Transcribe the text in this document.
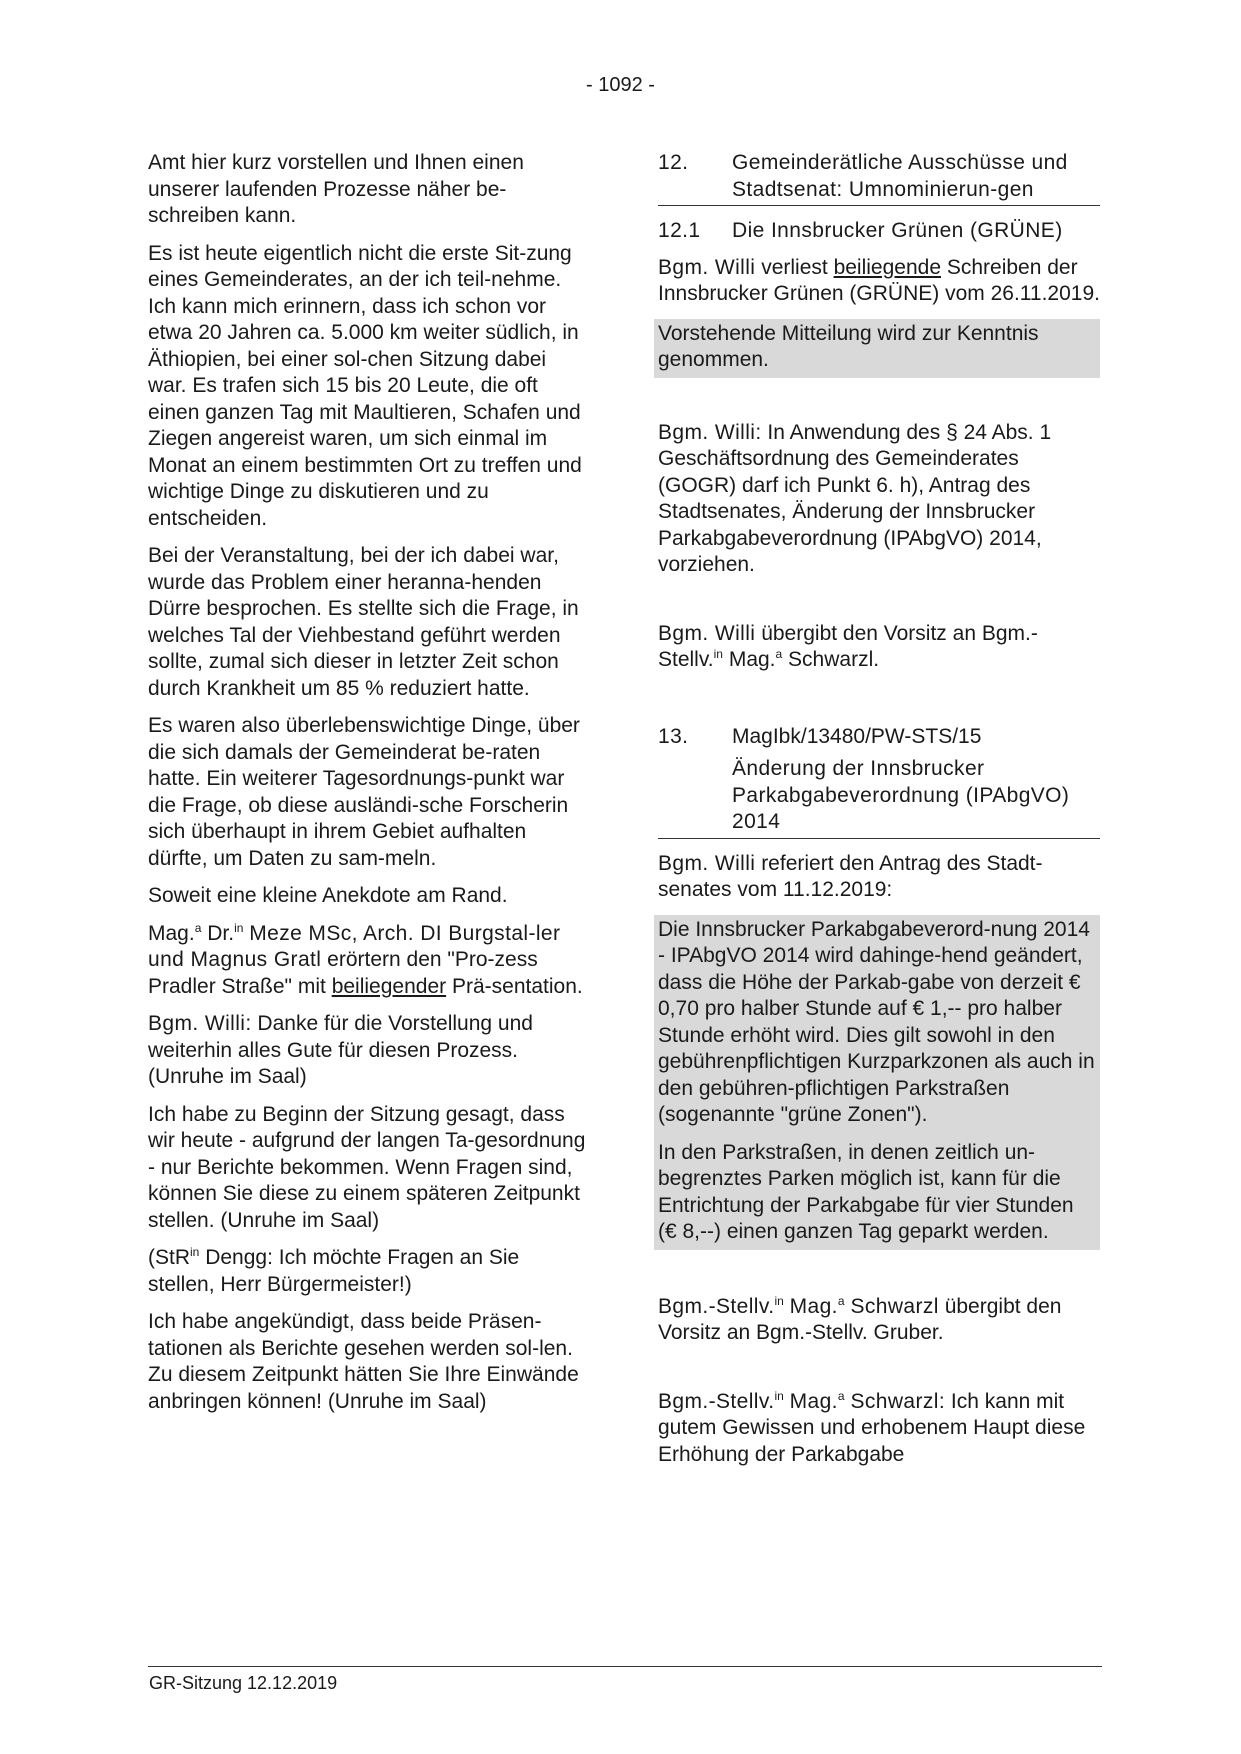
- 1092 -

Amt hier kurz vorstellen und Ihnen einen unserer laufenden Prozesse näher be-schreiben kann.

Es ist heute eigentlich nicht die erste Sit-zung eines Gemeinderates, an der ich teil-nehme. Ich kann mich erinnern, dass ich schon vor etwa 20 Jahren ca. 5.000 km weiter südlich, in Äthiopien, bei einer sol-chen Sitzung dabei war. Es trafen sich 15 bis 20 Leute, die oft einen ganzen Tag mit Maultieren, Schafen und Ziegen angereist waren, um sich einmal im Monat an einem bestimmten Ort zu treffen und wichtige Dinge zu diskutieren und zu entscheiden.

Bei der Veranstaltung, bei der ich dabei war, wurde das Problem einer heranna-henden Dürre besprochen. Es stellte sich die Frage, in welches Tal der Viehbestand geführt werden sollte, zumal sich dieser in letzter Zeit schon durch Krankheit um 85 % reduziert hatte.

Es waren also überlebenswichtige Dinge, über die sich damals der Gemeinderat be-raten hatte. Ein weiterer Tagesordnungs-punkt war die Frage, ob diese ausländi-sche Forscherin sich überhaupt in ihrem Gebiet aufhalten dürfte, um Daten zu sam-meln.

Soweit eine kleine Anekdote am Rand.

Mag.$^a$ Dr.$^{in}$ Meze MSc, Arch. DI Burgstal-ler und Magnus Gratl erörtern den "Pro-zess Pradler Straße" mit beiliegender Prä-sentation.

Bgm. Willi: Danke für die Vorstellung und weiterhin alles Gute für diesen Prozess. (Unruhe im Saal)

Ich habe zu Beginn der Sitzung gesagt, dass wir heute - aufgrund der langen Ta-gesordnung - nur Berichte bekommen. Wenn Fragen sind, können Sie diese zu einem späteren Zeitpunkt stellen. (Unruhe im Saal)

(StR$^{in}$ Dengg: Ich möchte Fragen an Sie stellen, Herr Bürgermeister!)

Ich habe angekündigt, dass beide Präsen-tationen als Berichte gesehen werden sol-len. Zu diesem Zeitpunkt hätten Sie Ihre Einwände anbringen können! (Unruhe im Saal)

12.	Gemeinderätliche Ausschüsse und Stadtsenat: Umnominierun-gen
12.1	Die Innsbrucker Grünen (GRÜNE)

Bgm. Willi verliest beiliegende Schreiben der Innsbrucker Grünen (GRÜNE) vom 26.11.2019.

Vorstehende Mitteilung wird zur Kenntnis genommen.

Bgm. Willi: In Anwendung des § 24 Abs. 1 Geschäftsordnung des Gemeinderates (GOGR) darf ich Punkt 6. h), Antrag des Stadtsenates, Änderung der Innsbrucker Parkabgabeverordnung (IPAbgVO) 2014, vorziehen.

Bgm. Willi übergibt den Vorsitz an Bgm.-Stellv.$^{in}$ Mag.$^a$ Schwarzl.

13.	MagIbk/13480/PW-STS/15
Änderung der Innsbrucker Parkabgabeverordnung (IPAbgVO) 2014

Bgm. Willi referiert den Antrag des Stadt-senates vom 11.12.2019:

Die Innsbrucker Parkabgabeverord-nung 2014 - IPAbgVO 2014 wird dahinge-hend geändert, dass die Höhe der Parkab-gabe von derzeit € 0,70 pro halber Stunde auf € 1,-- pro halber Stunde erhöht wird. Dies gilt sowohl in den gebührenpflichtigen Kurzparkzonen als auch in den gebühren-pflichtigen Parkstraßen (sogenannte "grüne Zonen").

In den Parkstraßen, in denen zeitlich un-begrenztes Parken möglich ist, kann für die Entrichtung der Parkabgabe für vier Stunden (€ 8,--) einen ganzen Tag geparkt werden.

Bgm.-Stellv.$^{in}$ Mag.$^a$ Schwarzl übergibt den Vorsitz an Bgm.-Stellv. Gruber.

Bgm.-Stellv.$^{in}$ Mag.$^a$ Schwarzl: Ich kann mit gutem Gewissen und erhobenem Haupt diese Erhöhung der Parkabgabe

GR-Sitzung 12.12.2019
